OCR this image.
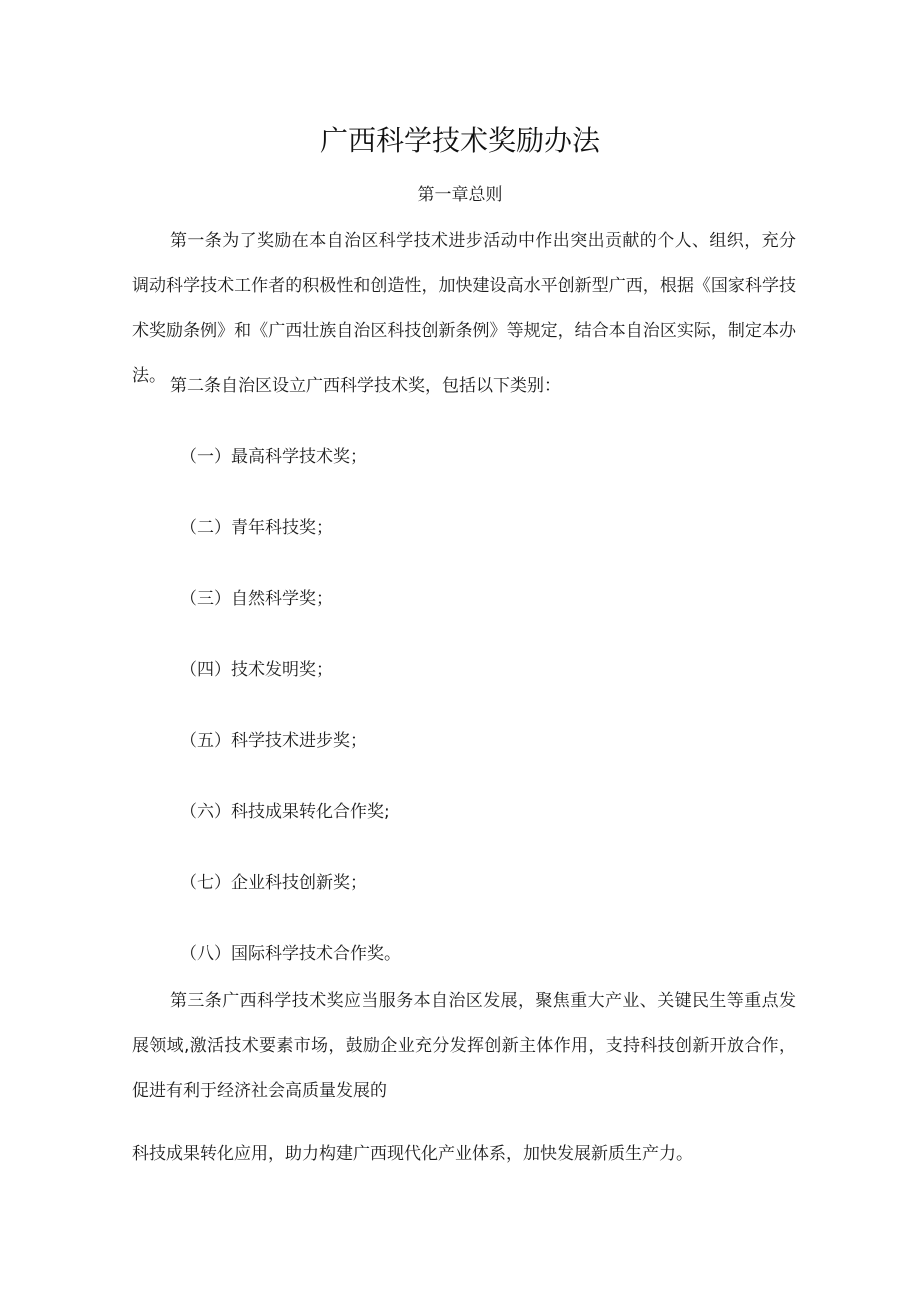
广西科学技术奖励办法
第一章总则
第一条为了奖励在本自治区科学技术进步活动中作出突出贡献的个人、组织，充分调动科学技术工作者的积极性和创造性，加快建设高水平创新型广西，根据《国家科学技术奖励条例》和《广西壮族自治区科技创新条例》等规定，结合本自治区实际，制定本办法。 第二条自治区设立广西科学技术奖，包括以下类别：
（一）最高科学技术奖；
（二）青年科技奖；
（三）自然科学奖；
（四）技术发明奖；
（五）科学技术进步奖；
（六）科技成果转化合作奖;
（七）企业科技创新奖；
（八）国际科学技术合作奖。
第三条广西科学技术奖应当服务本自治区发展，聚焦重大产业、关键民生等重点发展领域,激活技术要素市场，鼓励企业充分发挥创新主体作用，支持科技创新开放合作，促进有利于经济社会高质量发展的
科技成果转化应用，助力构建广西现代化产业体系，加快发展新质生产力。
